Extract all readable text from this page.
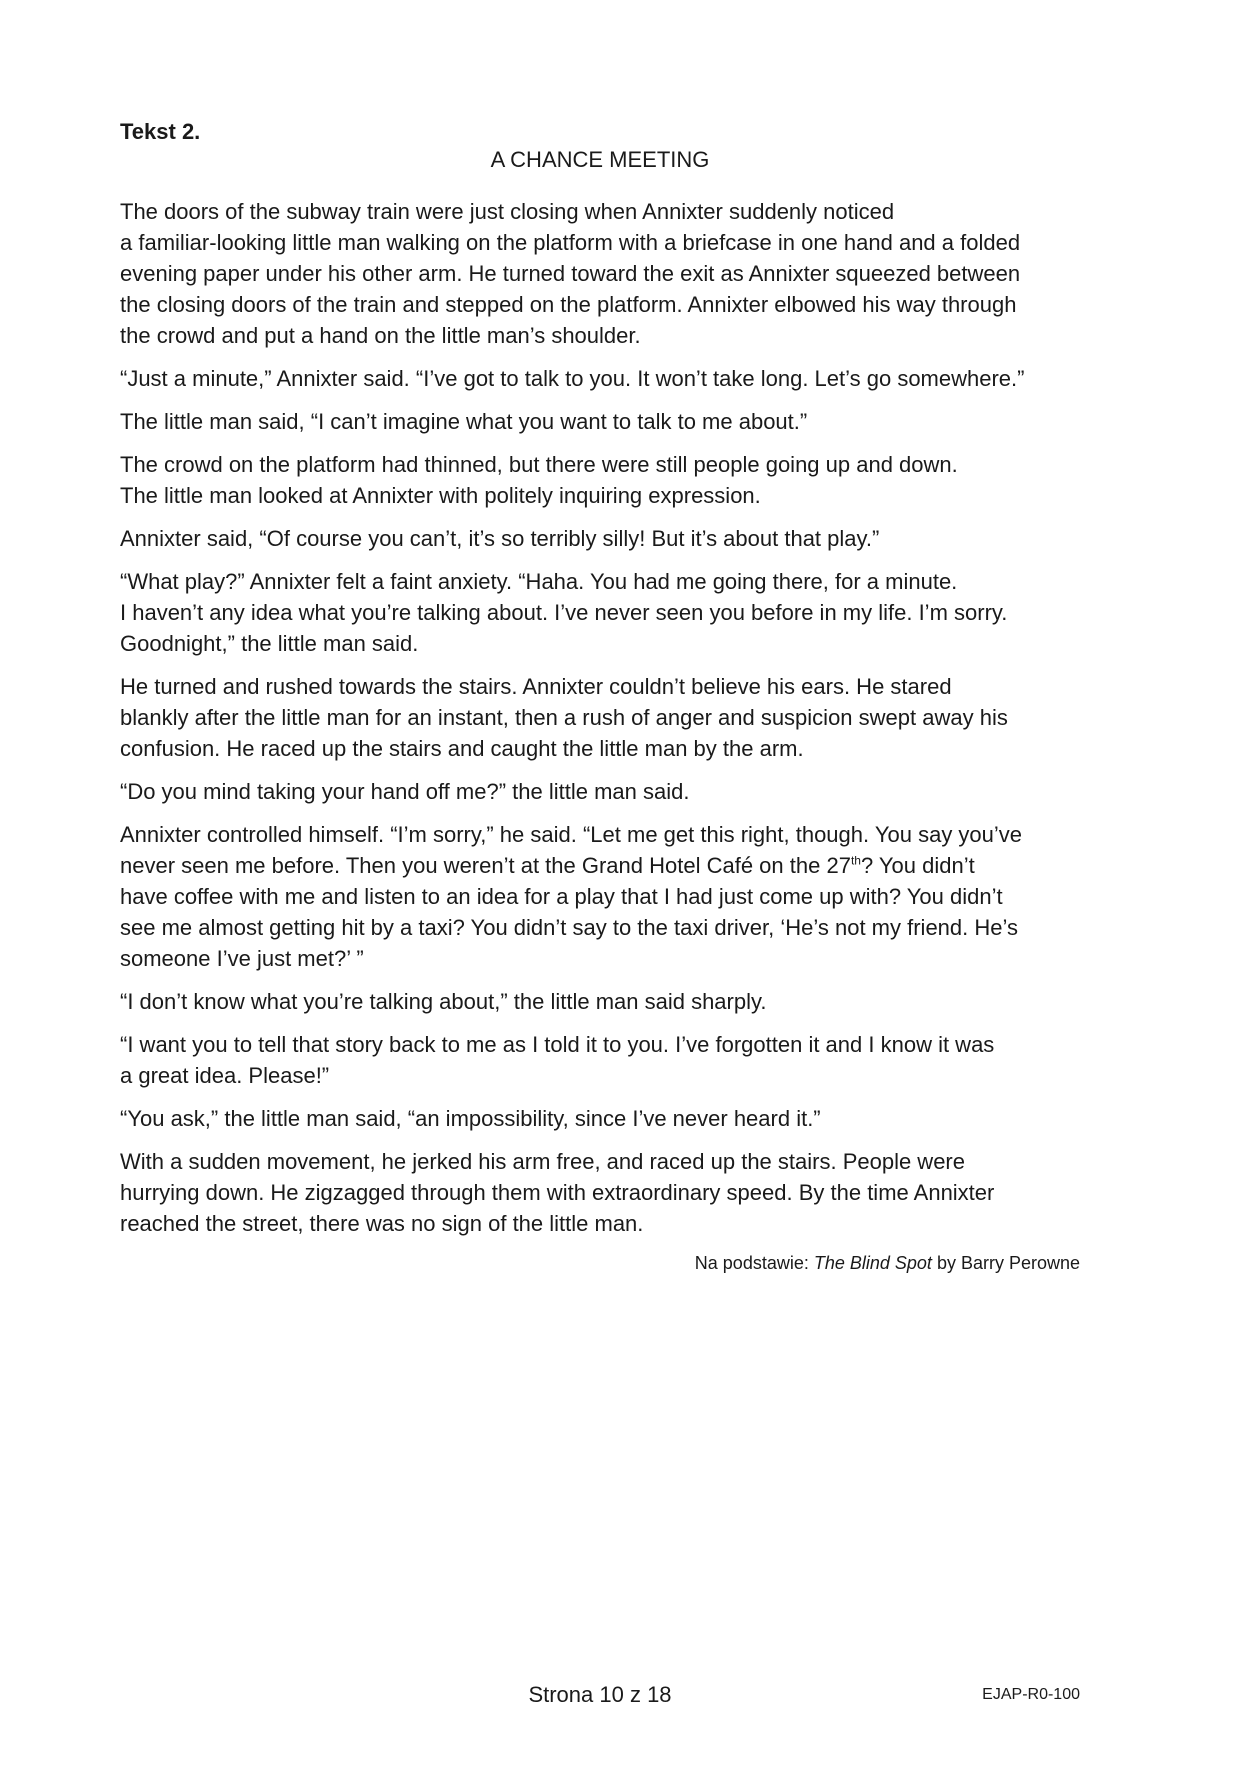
Tekst 2.

A CHANCE MEETING

The doors of the subway train were just closing when Annixter suddenly noticed
a familiar-looking little man walking on the platform with a briefcase in one hand and a folded
evening paper under his other arm. He turned toward the exit as Annixter squeezed between
the closing doors of the train and stepped on the platform. Annixter elbowed his way through
the crowd and put a hand on the little man’s shoulder.

“Just a minute,” Annixter said. “I’ve got to talk to you. It won’t take long. Let’s go somewhere.”

The little man said, “I can’t imagine what you want to talk to me about.”

The crowd on the platform had thinned, but there were still people going up and down.
The little man looked at Annixter with politely inquiring expression.

Annixter said, “Of course you can’t, it’s so terribly silly! But it’s about that play.”

“What play?” Annixter felt a faint anxiety. “Haha. You had me going there, for a minute.
I haven’t any idea what you’re talking about. I’ve never seen you before in my life. I’m sorry.
Goodnight,” the little man said.

He turned and rushed towards the stairs. Annixter couldn’t believe his ears. He stared
blankly after the little man for an instant, then a rush of anger and suspicion swept away his
confusion. He raced up the stairs and caught the little man by the arm.

“Do you mind taking your hand off me?” the little man said.

Annixter controlled himself. “I’m sorry,” he said. “Let me get this right, though. You say you’ve
never seen me before. Then you weren’t at the Grand Hotel Café on the 27th? You didn’t
have coffee with me and listen to an idea for a play that I had just come up with? You didn’t
see me almost getting hit by a taxi? You didn’t say to the taxi driver, ‘He’s not my friend. He’s
someone I’ve just met?’ ”

“I don’t know what you’re talking about,” the little man said sharply.

“I want you to tell that story back to me as I told it to you. I’ve forgotten it and I know it was
a great idea. Please!”

“You ask,” the little man said, “an impossibility, since I’ve never heard it.”

With a sudden movement, he jerked his arm free, and raced up the stairs. People were
hurrying down. He zigzagged through them with extraordinary speed. By the time Annixter
reached the street, there was no sign of the little man.

Na podstawie: The Blind Spot by Barry Perowne
Strona 10 z 18	EJAP-R0-100
